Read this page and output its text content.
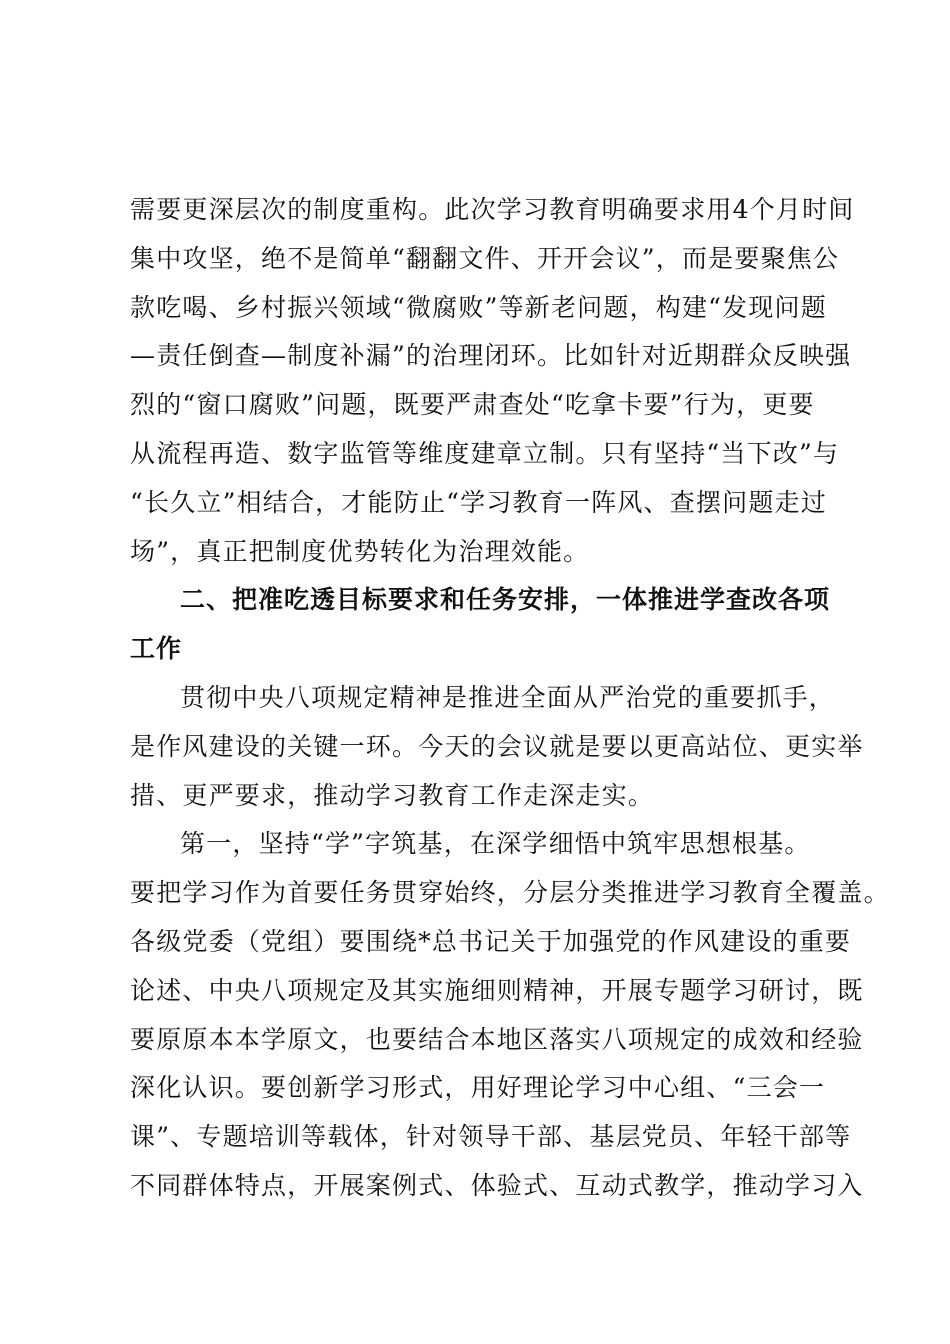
需要更深层次的制度重构。此次学习教育明确要求用4个月时间
集中攻坚，绝不是简单“翻翻文件、开开会议”，而是要聚焦公
款吃喝、乡村振兴领域“微腐败”等新老问题，构建“发现问题
—责任倒查—制度补漏”的治理闭环。比如针对近期群众反映强
烈的“窗口腐败”问题，既要严肃查处“吃拿卡要”行为，更要
从流程再造、数字监管等维度建章立制。只有坚持“当下改”与
“长久立”相结合，才能防止“学习教育一阵风、查摆问题走过
场”，真正把制度优势转化为治理效能。
二、把准吃透目标要求和任务安排，一体推进学查改各项
工作
贯彻中央八项规定精神是推进全面从严治党的重要抓手，
是作风建设的关键一环。今天的会议就是要以更高站位、更实举
措、更严要求，推动学习教育工作走深走实。
第一，坚持“学”字筑基，在深学细悟中筑牢思想根基。
要把学习作为首要任务贯穿始终，分层分类推进学习教育全覆盖。
各级党委（党组）要围绕*总书记关于加强党的作风建设的重要
论述、中央八项规定及其实施细则精神，开展专题学习研讨，既
要原原本本学原文，也要结合本地区落实八项规定的成效和经验
深化认识。要创新学习形式，用好理论学习中心组、“三会一
课”、专题培训等载体，针对领导干部、基层党员、年轻干部等
不同群体特点，开展案例式、体验式、互动式教学，推动学习入
